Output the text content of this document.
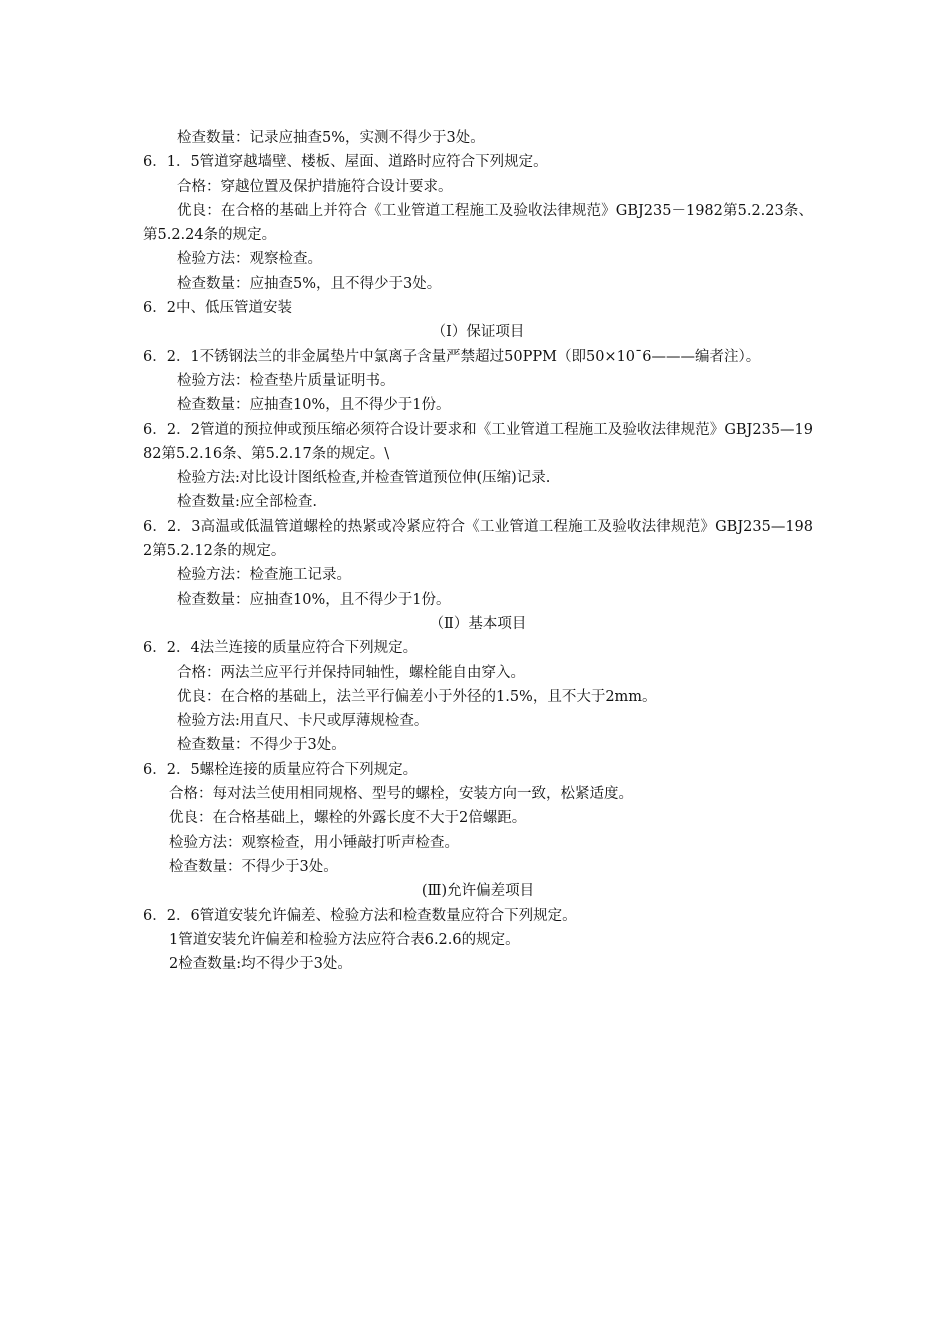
检查数量：记录应抽查5%，实测不得少于3处。

6．1．5管道穿越墙壁、楼板、屋面、道路时应符合下列规定。

合格：穿越位置及保护措施符合设计要求。

优良：在合格的基础上并符合《工业管道工程施工及验收法律规范》GBJ235－1982第5.2.23条、第5.2.24条的规定。

检验方法：观察检查。

检查数量：应抽查5%，且不得少于3处。

6．2中、低压管道安装

（Ⅰ）保证项目

6．2．1不锈钢法兰的非金属垫片中氯离子含量严禁超过50PPM（即50×10ˉ6———编者注）。

检验方法：检查垫片质量证明书。

检查数量：应抽查10%，且不得少于1份。

6．2．2管道的预拉伸或预压缩必须符合设计要求和《工业管道工程施工及验收法律规范》GBJ235—1982第5.2.16条、第5.2.17条的规定。\

检验方法:对比设计图纸检查,并检查管道预位伸(压缩)记录.

检查数量:应全部检查.

6．2．3高温或低温管道螺栓的热紧或冷紧应符合《工业管道工程施工及验收法律规范》GBJ235—1982第5.2.12条的规定。

检验方法：检查施工记录。

检查数量：应抽查10%，且不得少于1份。

（Ⅱ）基本项目

6．2．4法兰连接的质量应符合下列规定。

合格：两法兰应平行并保持同轴性，螺栓能自由穿入。

优良：在合格的基础上，法兰平行偏差小于外径的1.5%，且不大于2mm。

检验方法:用直尺、卡尺或厚薄规检查。

检查数量：不得少于3处。

6．2．5螺栓连接的质量应符合下列规定。

合格：每对法兰使用相同规格、型号的螺栓，安装方向一致，松紧适度。

优良：在合格基础上，螺栓的外露长度不大于2倍螺距。

检验方法：观察检查，用小锤敲打听声检查。

检查数量：不得少于3处。

(Ⅲ)允许偏差项目

6．2．6管道安装允许偏差、检验方法和检查数量应符合下列规定。

1管道安装允许偏差和检验方法应符合表6.2.6的规定。

2检查数量:均不得少于3处。
